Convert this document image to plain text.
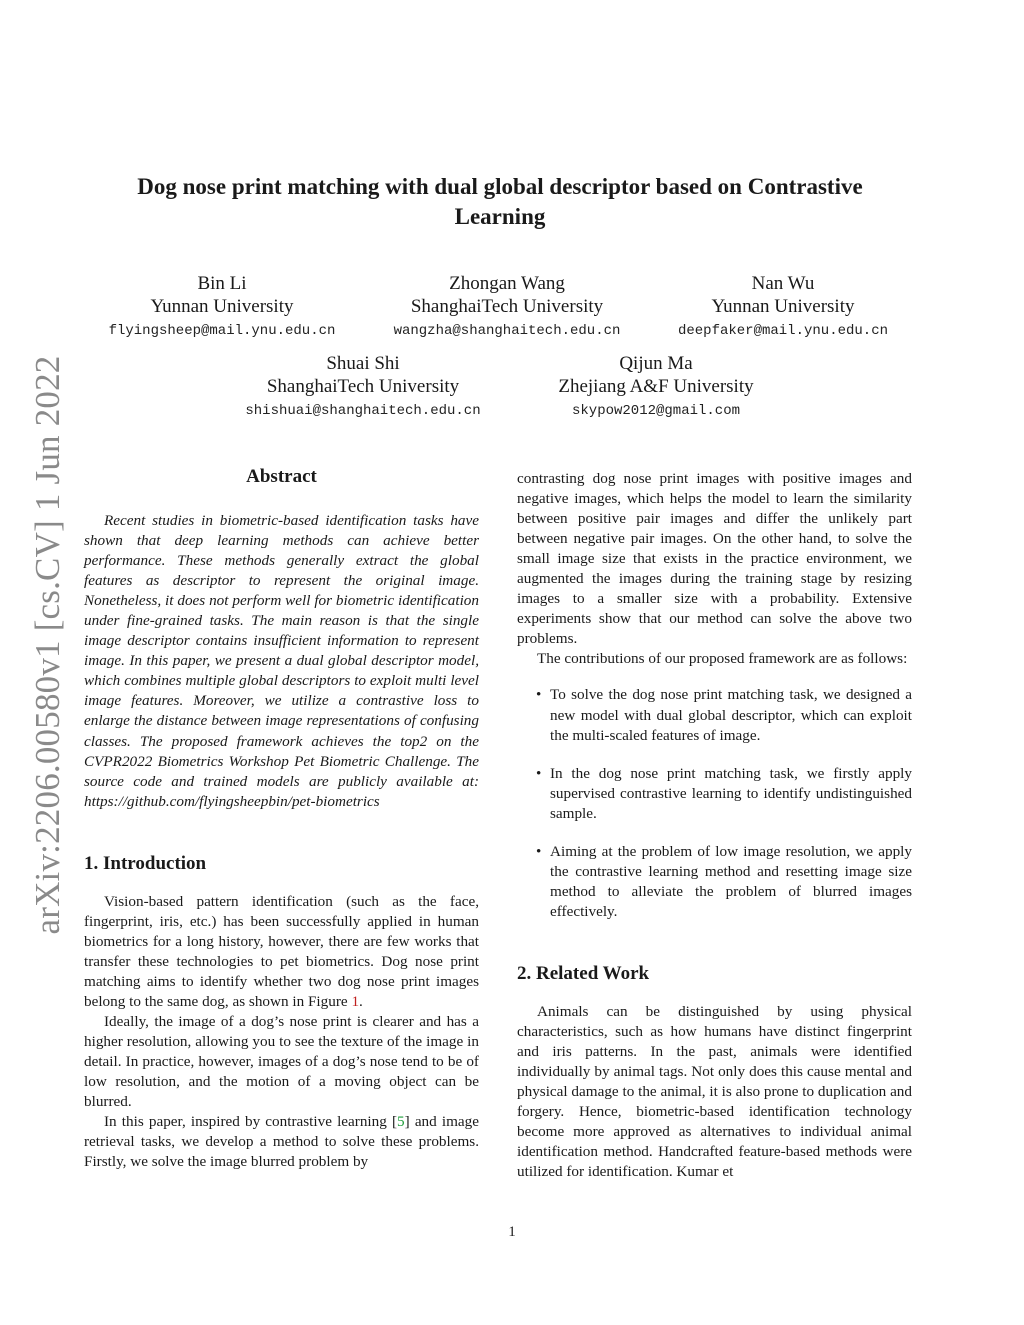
arXiv:2206.00580v1 [cs.CV] 1 Jun 2022
Dog nose print matching with dual global descriptor based on Contrastive Learning
Bin Li
Yunnan University
flyingsheep@mail.ynu.edu.cn
Zhongan Wang
ShanghaiTech University
wangzha@shanghaitech.edu.cn
Nan Wu
Yunnan University
deepfaker@mail.ynu.edu.cn
Shuai Shi
ShanghaiTech University
shishuai@shanghaitech.edu.cn
Qijun Ma
Zhejiang A&F University
skypow2012@gmail.com
Abstract

Recent studies in biometric-based identification tasks have shown that deep learning methods can achieve better performance. These methods generally extract the global features as descriptor to represent the original image. Nonetheless, it does not perform well for biometric identification under fine-grained tasks. The main reason is that the single image descriptor contains insufficient information to represent image. In this paper, we present a dual global descriptor model, which combines multiple global descriptors to exploit multi level image features. Moreover, we utilize a contrastive loss to enlarge the distance between image representations of confusing classes. The proposed framework achieves the top2 on the CVPR2022 Biometrics Workshop Pet Biometric Challenge. The source code and trained models are publicly available at: https://github.com/flyingsheepbin/pet-biometrics

1. Introduction

Vision-based pattern identification (such as the face, fingerprint, iris, etc.) has been successfully applied in human biometrics for a long history, however, there are few works that transfer these technologies to pet biometrics. Dog nose print matching aims to identify whether two dog nose print images belong to the same dog, as shown in Figure 1.

Ideally, the image of a dog’s nose print is clearer and has a higher resolution, allowing you to see the texture of the image in detail. In practice, however, images of a dog’s nose tend to be of low resolution, and the motion of a moving object can be blurred.

In this paper, inspired by contrastive learning [5] and image retrieval tasks, we develop a method to solve these problems. Firstly, we solve the image blurred problem by

contrasting dog nose print images with positive images and negative images, which helps the model to learn the similarity between positive pair images and differ the unlikely part between negative pair images. On the other hand, to solve the small image size that exists in the practice environment, we augmented the images during the training stage by resizing images to a smaller size with a probability. Extensive experiments show that our method can solve the above two problems.

The contributions of our proposed framework are as follows:

• To solve the dog nose print matching task, we designed a new model with dual global descriptor, which can exploit the multi-scaled features of image.
• In the dog nose print matching task, we firstly apply supervised contrastive learning to identify undistinguished sample.
• Aiming at the problem of low image resolution, we apply the contrastive learning method and resetting image size method to alleviate the problem of blurred images effectively.
2. Related Work

Animals can be distinguished by using physical characteristics, such as how humans have distinct fingerprint and iris patterns. In the past, animals were identified individually by animal tags. Not only does this cause mental and physical damage to the animal, it is also prone to duplication and forgery. Hence, biometric-based identification technology become more approved as alternatives to individual animal identification method. Handcrafted feature-based methods were utilized for identification. Kumar et

1
